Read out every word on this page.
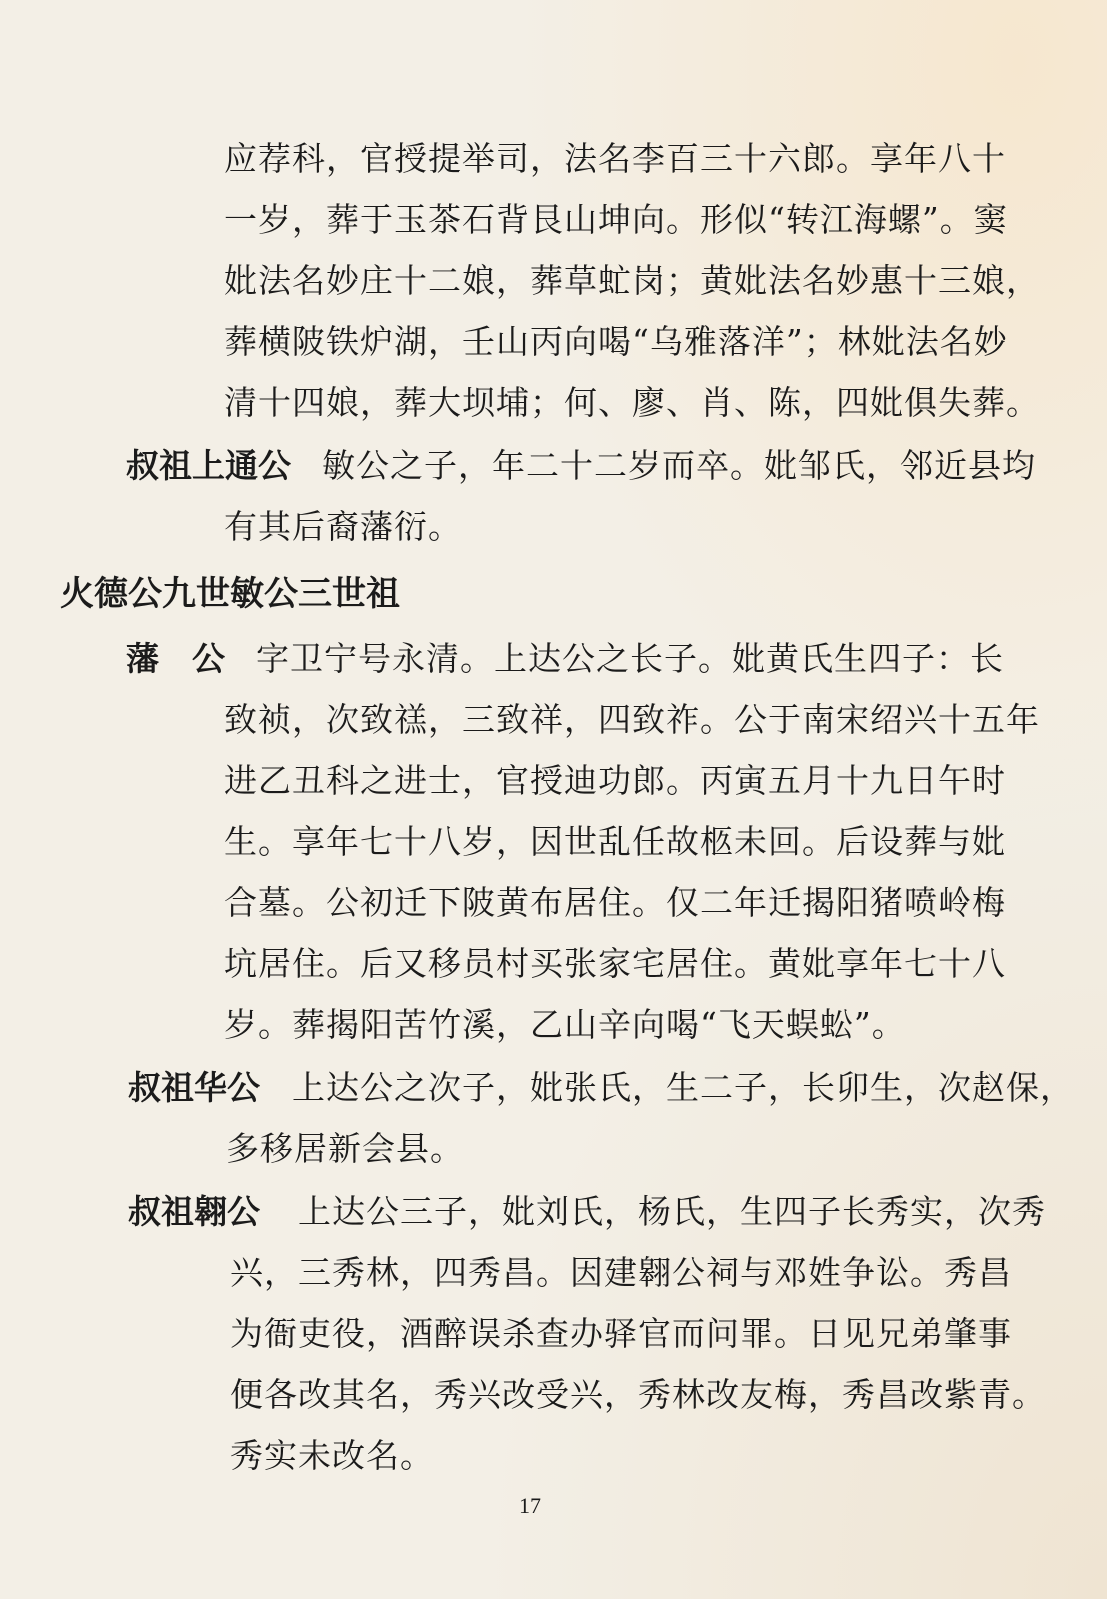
应荐科，官授提举司，法名李百三十六郎。享年八十
一岁，葬于玉茶石背艮山坤向。形似“转江海螺”。窦
妣法名妙庄十二娘，葬草虻岗；黄妣法名妙惠十三娘，
葬横陂铁炉湖，壬山丙向喝“乌雅落洋”；林妣法名妙
清十四娘，葬大坝埔；何、廖、肖、陈，四妣俱失葬。
叔祖上通公 敏公之子，年二十二岁而卒。妣邹氏，邻近县均
有其后裔藩衍。
火德公九世敏公三世祖
藩　公 字卫宁号永清。上达公之长子。妣黄氏生四子：长
致祯，次致禚，三致祥，四致祚。公于南宋绍兴十五年
进乙丑科之进士，官授迪功郎。丙寅五月十九日午时
生。享年七十八岁，因世乱任故柩未回。后设葬与妣
合墓。公初迁下陂黄布居住。仅二年迁揭阳猪喷岭梅
坑居住。后又移员村买张家宅居住。黄妣享年七十八
岁。葬揭阳苦竹溪，乙山辛向喝“飞天蜈蚣”。
叔祖华公 上达公之次子，妣张氏，生二子，长卯生，次赵保，
多移居新会县。
叔祖翱公 上达公三子，妣刘氏，杨氏，生四子长秀实，次秀
兴，三秀林，四秀昌。因建翱公祠与邓姓争讼。秀昌
为衙吏役，酒醉误杀查办驿官而问罪。日见兄弟肇事
便各改其名，秀兴改受兴，秀林改友梅，秀昌改紫青。
秀实未改名。
17
